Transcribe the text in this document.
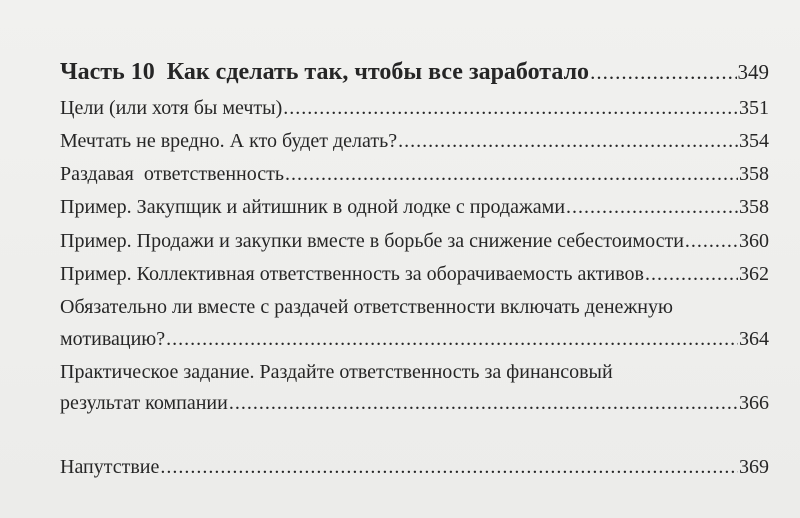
Часть 10 Как сделать так, чтобы все заработало .....	349
Цели (или хотя бы мечты) .....	351
Мечтать не вредно. А кто будет делать? .....	354
Раздавая  ответственность .....	358
Пример. Закупщик и айтишник в одной лодке с продажами .....	358
Пример. Продажи и закупки вместе в борьбе за снижение себестоимости .....	360
Пример. Коллективная ответственность за оборачиваемость активов .....	362
Обязательно ли вместе с раздачей ответственности включать денежную
мотивацию? .....	364
Практическое задание. Раздайте ответственность за финансовый
результат компании .....	366
Напутствие .....	369
